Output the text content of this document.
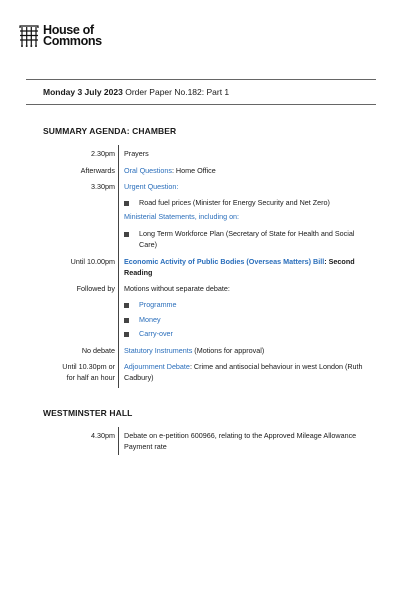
House of
Commons
Monday 3 July 2023 Order Paper No.182: Part 1
SUMMARY AGENDA: CHAMBER
2.30pm Prayers
Afterwards Oral Questions: Home Office
3.30pm Urgent Question:
Road fuel prices (Minister for Energy Security and Net Zero)
Ministerial Statements, including on:
Long Term Workforce Plan (Secretary of State for Health and Social Care)
Until 10.00pm Economic Activity of Public Bodies (Overseas Matters) Bill: Second Reading
Followed by Motions without separate debate:
Programme
Money
Carry-over
No debate Statutory Instruments (Motions for approval)
Until 10.30pm or
for half an hour
Adjournment Debate: Crime and antisocial behaviour in west London (Ruth Cadbury)
WESTMINSTER HALL
4.30pm Debate on e-petition 600966, relating to the Approved Mileage Allowance Payment rate
